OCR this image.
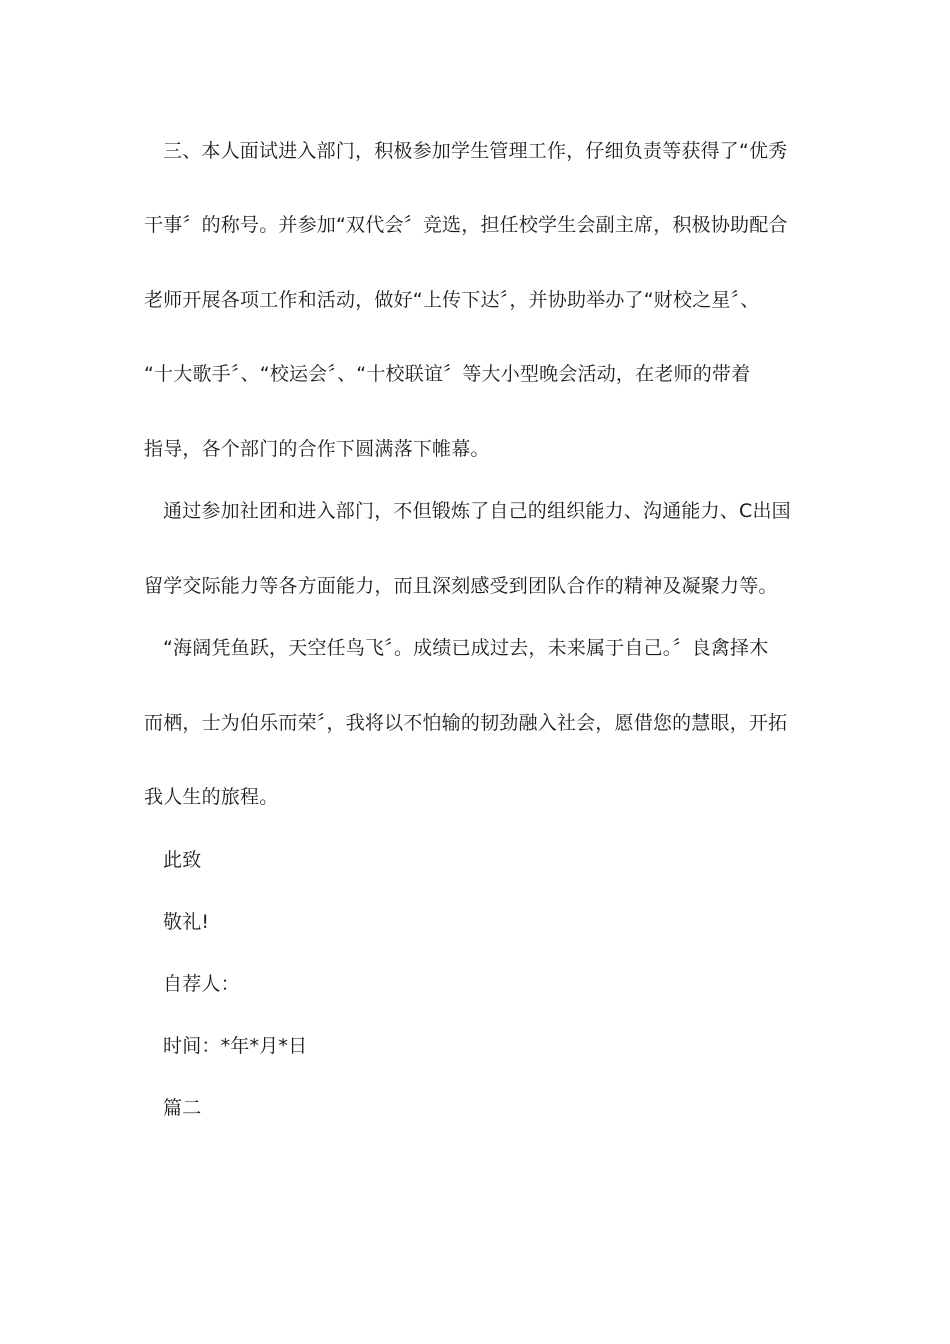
三、本人面试进入部门，积极参加学生管理工作，仔细负责等获得了“优秀
干事〞的称号。并参加“双代会〞竞选，担任校学生会副主席，积极协助配合
老师开展各项工作和活动，做好“上传下达〞，并协助举办了“财校之星〞、
“十大歌手〞、“校运会〞、“十校联谊〞等大小型晚会活动，在老师的带着
指导，各个部门的合作下圆满落下帷幕。
通过参加社团和进入部门，不但锻炼了自己的组织能力、沟通能力、C出国
留学交际能力等各方面能力，而且深刻感受到团队合作的精神及凝聚力等。
“海阔凭鱼跃，天空任鸟飞〞。成绩已成过去，未来属于自己。〞良禽择木
而栖，士为伯乐而荣〞，我将以不怕输的韧劲融入社会，愿借您的慧眼，开拓
我人生的旅程。
此致
敬礼!
自荐人：
时间：*年*月*日
篇二
